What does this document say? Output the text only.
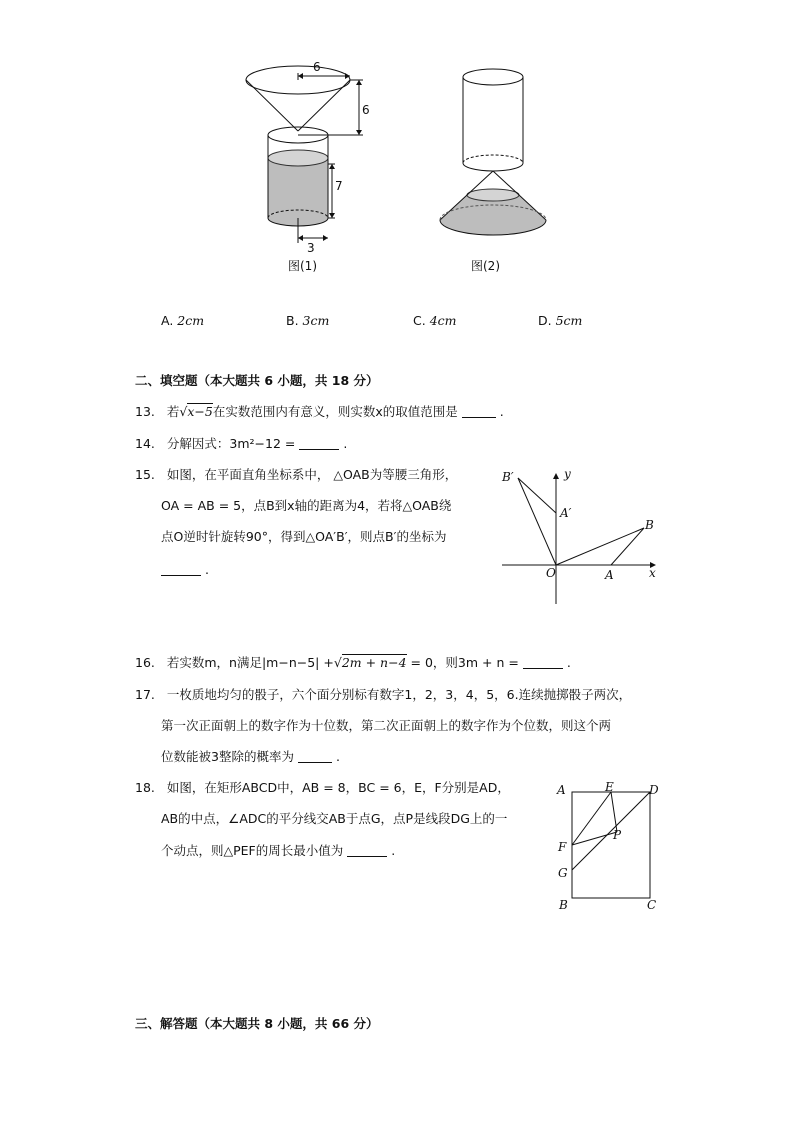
6
6
7
3
图(1)	图(2)
A. 2cm	B. 3cm	C. 4cm	D. 5cm
二、填空题（本大题共 6 小题，共 18 分）
13. 若√x−5在实数范围内有意义，则实数x的取值范围是	.
14. 分解因式：3m²−12 =	.
15. 如图，在平面直角坐标系中， △OAB为等腰三角形，
OA = AB = 5，点B到x轴的距离为4，若将△OAB绕
点O逆时针旋转90°，得到△OA′B′，则点B′的坐标为
.
B′	y
A′
B
O	A	x
16. 若实数m，n满足|m−n−5| +√2m + n−4 = 0，则3m + n =	.
17. 一枚质地均匀的骰子，六个面分别标有数字1，2，3，4，5，6.连续抛掷骰子两次，
第一次正面朝上的数字作为十位数，第二次正面朝上的数字作为个位数，则这个两
位数能被3整除的概率为	.
18. 如图，在矩形ABCD中，AB = 8，BC = 6，E，F分别是AD，
AB的中点，∠ADC的平分线交AB于点G，点P是线段DG上的一
个动点，则△PEF的周长最小值为	.
A	E	D
F
P
G
B	C
三、解答题（本大题共 8 小题，共 66 分）
